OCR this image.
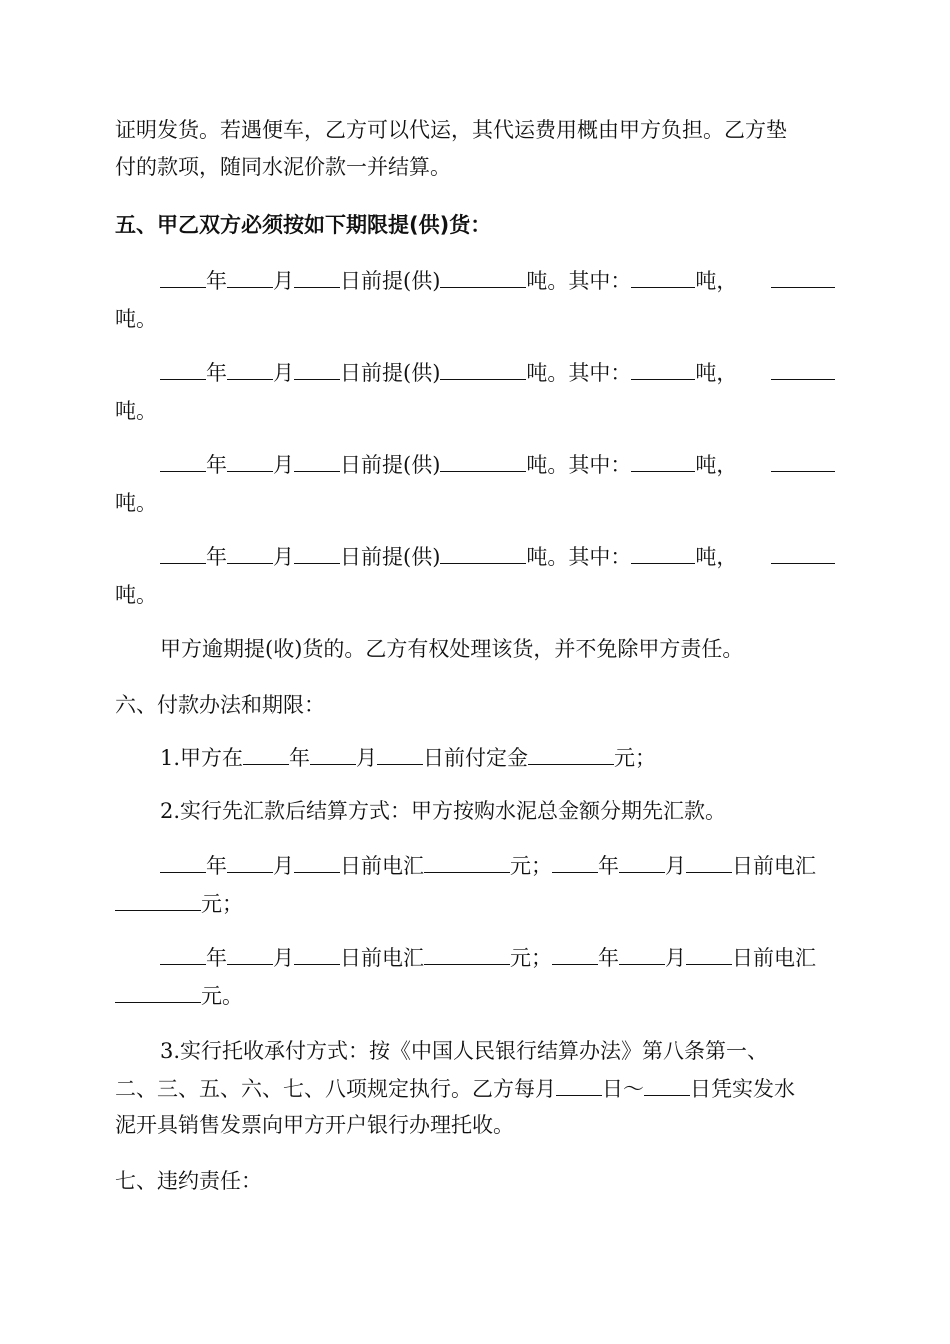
证明发货。若遇便车，乙方可以代运，其代运费用概由甲方负担。乙方垫
付的款项，随同水泥价款一并结算。
五、甲乙双方必须按如下期限提(供)货：
年 月 日前提(供)	吨。其中：	吨，
吨。
年 月 日前提(供)	吨。其中：	吨，
吨。
年 月 日前提(供)	吨。其中：	吨，
吨。
年 月 日前提(供)	吨。其中：	吨，
吨。
甲方逾期提(收)货的。乙方有权处理该货，并不免除甲方责任。
六、付款办法和期限：
1.甲方在 年 月 日前付定金	元；
2.实行先汇款后结算方式：甲方按购水泥总金额分期先汇款。
年 月 日前电汇	元； 年 月 日前电汇
元；
年 月 日前电汇	元； 年 月 日前电汇
元。
3.实行托收承付方式：按《中国人民银行结算办法》第八条第一、
二、三、五、六、七、八项规定执行。乙方每月 日～ 日凭实发水
泥开具销售发票向甲方开户银行办理托收。
七、违约责任：
